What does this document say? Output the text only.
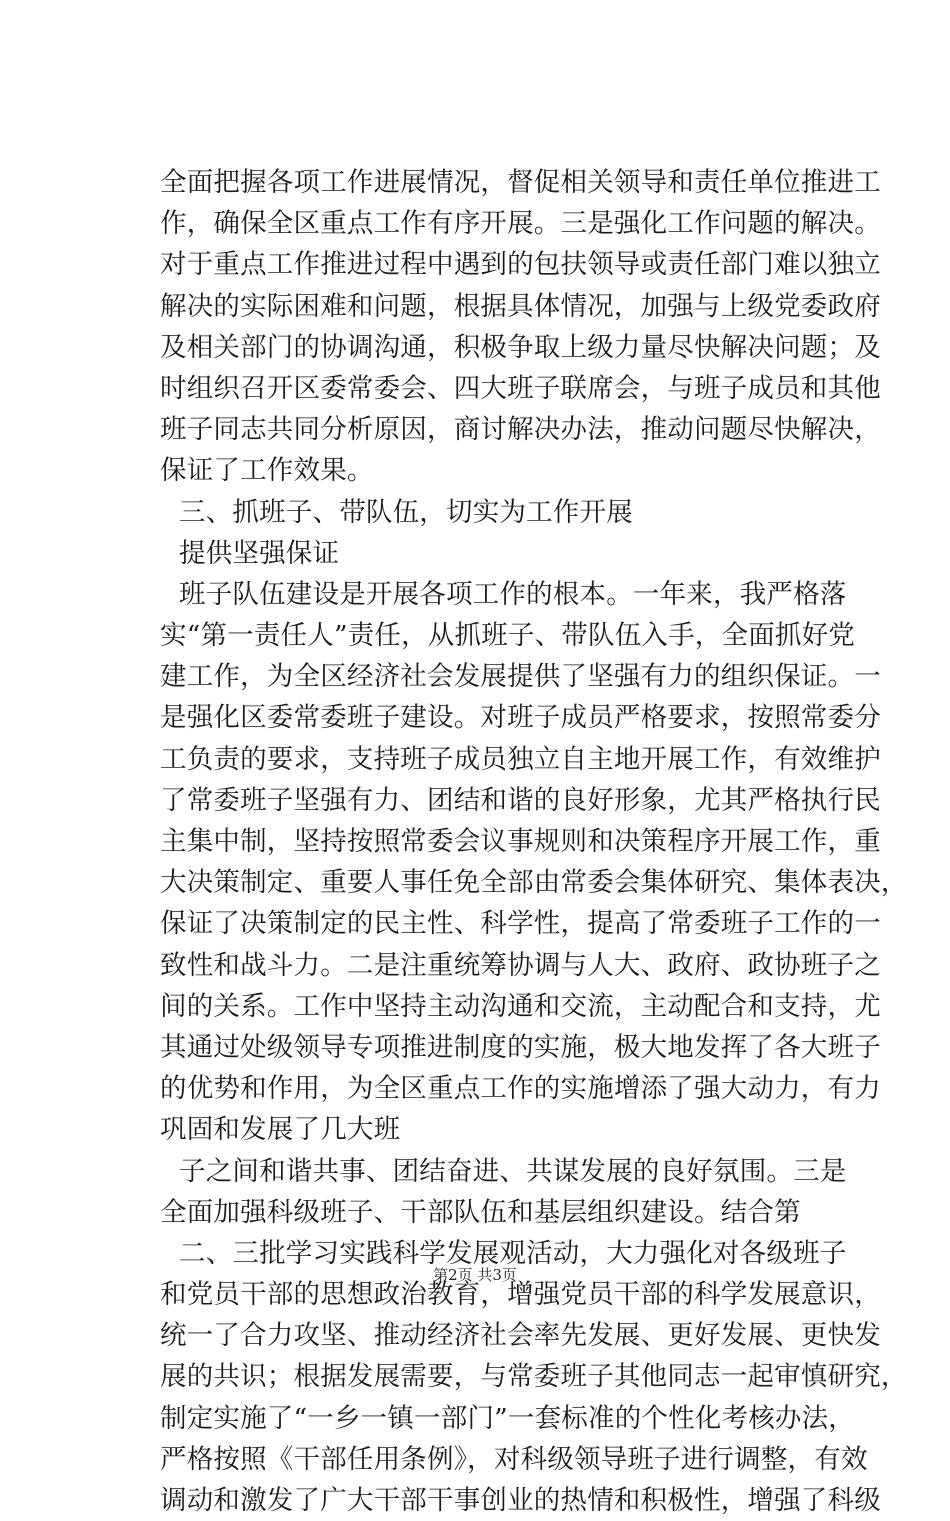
全面把握各项工作进展情况，督促相关领导和责任单位推进工
作，确保全区重点工作有序开展。三是强化工作问题的解决。
对于重点工作推进过程中遇到的包扶领导或责任部门难以独立
解决的实际困难和问题，根据具体情况，加强与上级党委政府
及相关部门的协调沟通，积极争取上级力量尽快解决问题；及
时组织召开区委常委会、四大班子联席会，与班子成员和其他
班子同志共同分析原因，商讨解决办法，推动问题尽快解决，
保证了工作效果。
三、抓班子、带队伍，切实为工作开展
提供坚强保证
班子队伍建设是开展各项工作的根本。一年来，我严格落
实“第一责任人”责任，从抓班子、带队伍入手，全面抓好党
建工作，为全区经济社会发展提供了坚强有力的组织保证。一
是强化区委常委班子建设。对班子成员严格要求，按照常委分
工负责的要求，支持班子成员独立自主地开展工作，有效维护
了常委班子坚强有力、团结和谐的良好形象，尤其严格执行民
主集中制，坚持按照常委会议事规则和决策程序开展工作，重
大决策制定、重要人事任免全部由常委会集体研究、集体表决，
保证了决策制定的民主性、科学性，提高了常委班子工作的一
致性和战斗力。二是注重统筹协调与人大、政府、政协班子之
间的关系。工作中坚持主动沟通和交流，主动配合和支持，尤
其通过处级领导专项推进制度的实施，极大地发挥了各大班子
的优势和作用，为全区重点工作的实施增添了强大动力，有力
巩固和发展了几大班
子之间和谐共事、团结奋进、共谋发展的良好氛围。三是
全面加强科级班子、干部队伍和基层组织建设。结合第
二、三批学习实践科学发展观活动，大力强化对各级班子
和党员干部的思想政治教育，增强党员干部的科学发展意识，
统一了合力攻坚、推动经济社会率先发展、更好发展、更快发
展的共识；根据发展需要，与常委班子其他同志一起审慎研究，
制定实施了“一乡一镇一部门”一套标准的个性化考核办法，
严格按照《干部任用条例》，对科级领导班子进行调整，有效
调动和激发了广大干部干事创业的热情和积极性，增强了科级
第2页 共3页
